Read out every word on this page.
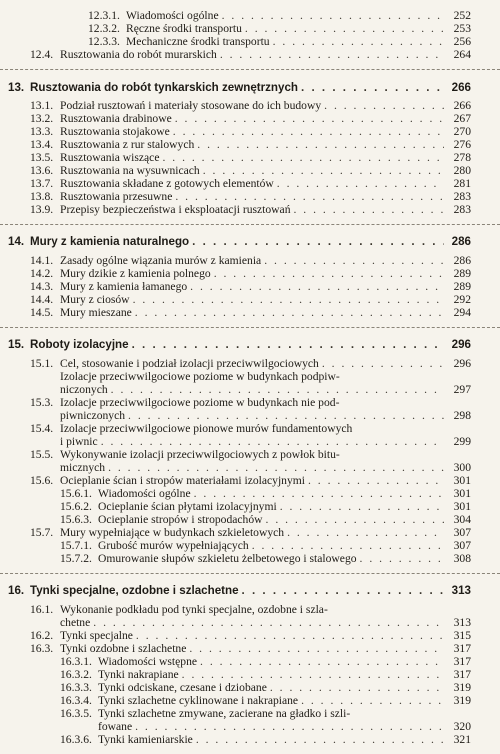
12.3.1. Wiadomości ogólne . . .	252
12.3.2. Ręczne środki transportu . . .	253
12.3.3. Mechaniczne środki transportu . . .	256
12.4. Rusztowania do robót murarskich . . .	264
13. Rusztowania do robót tynkarskich zewnętrznych . . .	266
13.1. Podział rusztowań i materiały stosowane do ich budowy . . .	266
13.2. Rusztowania drabinowe . . .	267
13.3. Rusztowania stojakowe . . .	270
13.4. Rusztowania z rur stalowych . . .	276
13.5. Rusztowania wiszące . . .	278
13.6. Rusztowania na wysuwnicach . . .	280
13.7. Rusztowania składane z gotowych elementów . . .	281
13.8. Rusztowania przesuwne . . .	283
13.9. Przepisy bezpieczeństwa i eksploatacji rusztowań . . .	283
14. Mury z kamienia naturalnego . . .	286
14.1. Zasady ogólne wiązania murów z kamienia . . .	286
14.2. Mury dzikie z kamienia polnego . . .	289
14.3. Mury z kamienia łamanego . . .	289
14.4. Mury z ciosów . . .	292
14.5. Mury mieszane . . .	294
15. Roboty izolacyjne . . .	296
15.1. Cel, stosowanie i podział izolacji przeciwwilgociowych . . .	296
Izolacje przeciwwilgociowe poziome w budynkach podpiw-
niczonych . . .	297
15.3. Izolacje przeciwwilgociowe poziome w budynkach nie pod-
piwniczonych . . .	298
15.4. Izolacje przeciwwilgociowe pionowe murów fundamentowych
i piwnic . . .	299
15.5. Wykonywanie izolacji przeciwwilgociowych z powłok bitu-
micznych . . .	300
15.6. Ocieplanie ścian i stropów materiałami izolacyjnymi . . .	301
15.6.1. Wiadomości ogólne . . .	301
15.6.2. Ocieplanie ścian płytami izolacyjnymi . . .	301
15.6.3. Ocieplanie stropów i stropodachów . . .	304
15.7. Mury wypełniające w budynkach szkieletowych . . .	307
15.7.1. Grubość murów wypełniających . . .	307
15.7.2. Omurowanie słupów szkieletu żelbetowego i stalowego . . .	308
16. Tynki specjalne, ozdobne i szlachetne . . .	313
16.1. Wykonanie podkładu pod tynki specjalne, ozdobne i szla-
chetne . . .	313
16.2. Tynki specjalne . . .	315
16.3. Tynki ozdobne i szlachetne . . .	317
16.3.1. Wiadomości wstępne . . .	317
16.3.2. Tynki nakrapiane . . .	317
16.3.3. Tynki odciskane, czesane i dziobane . . .	319
16.3.4. Tynki szlachetne cyklinowane i nakrapiane . . .	319
16.3.5. Tynki szlachetne zmywane, zacierane na gładko i szli-
fowane . . .	320
16.3.6. Tynki kamieniarskie . . .	321
